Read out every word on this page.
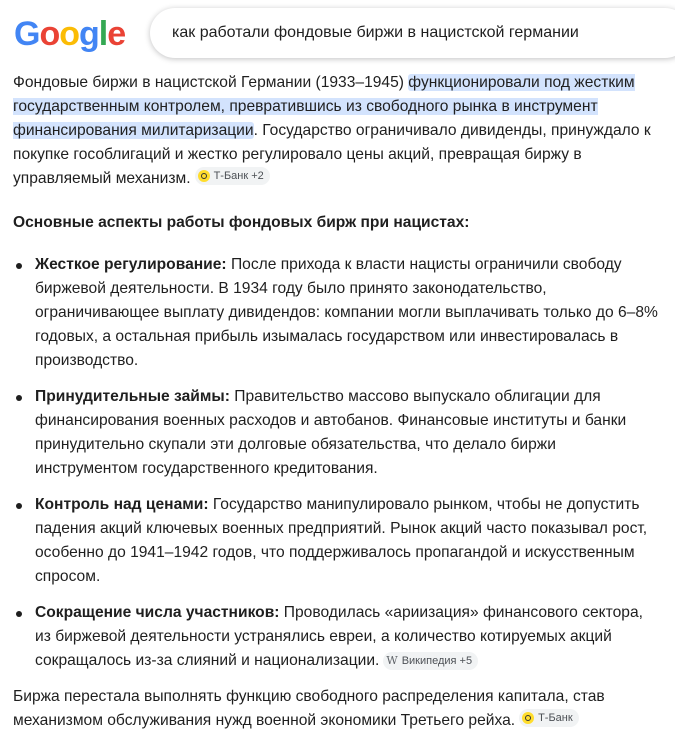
Google	как работали фондовые биржи в нацистской германии

Фондовые биржи в нацистской Германии (1933–1945) функционировали под жестким государственным контролем, превратившись из свободного рынка в инструмент финансирования милитаризации. Государство ограничивало дивиденды, принуждало к покупке гособлигаций и жестко регулировало цены акций, превращая биржу в управляемый механизм. Т-Банк +2

Основные аспекты работы фондовых бирж при нацистах:

Жесткое регулирование: После прихода к власти нацисты ограничили свободу биржевой деятельности. В 1934 году было принято законодательство, ограничивающее выплату дивидендов: компании могли выплачивать только до 6–8% годовых, а остальная прибыль изымалась государством или инвестировалась в производство.
Принудительные займы: Правительство массово выпускало облигации для финансирования военных расходов и автобанов. Финансовые институты и банки принудительно скупали эти долговые обязательства, что делало биржи инструментом государственного кредитования.
Контроль над ценами: Государство манипулировало рынком, чтобы не допустить падения акций ключевых военных предприятий. Рынок акций часто показывал рост, особенно до 1941–1942 годов, что поддерживалось пропагандой и искусственным спросом.
Сокращение числа участников: Проводилась «ариизация» финансового сектора, из биржевой деятельности устранялись евреи, а количество котируемых акций сокращалось из-за слияний и национализации. W Википедия +5

Биржа перестала выполнять функцию свободного распределения капитала, став механизмом обслуживания нужд военной экономики Третьего рейха. Т-Банк
